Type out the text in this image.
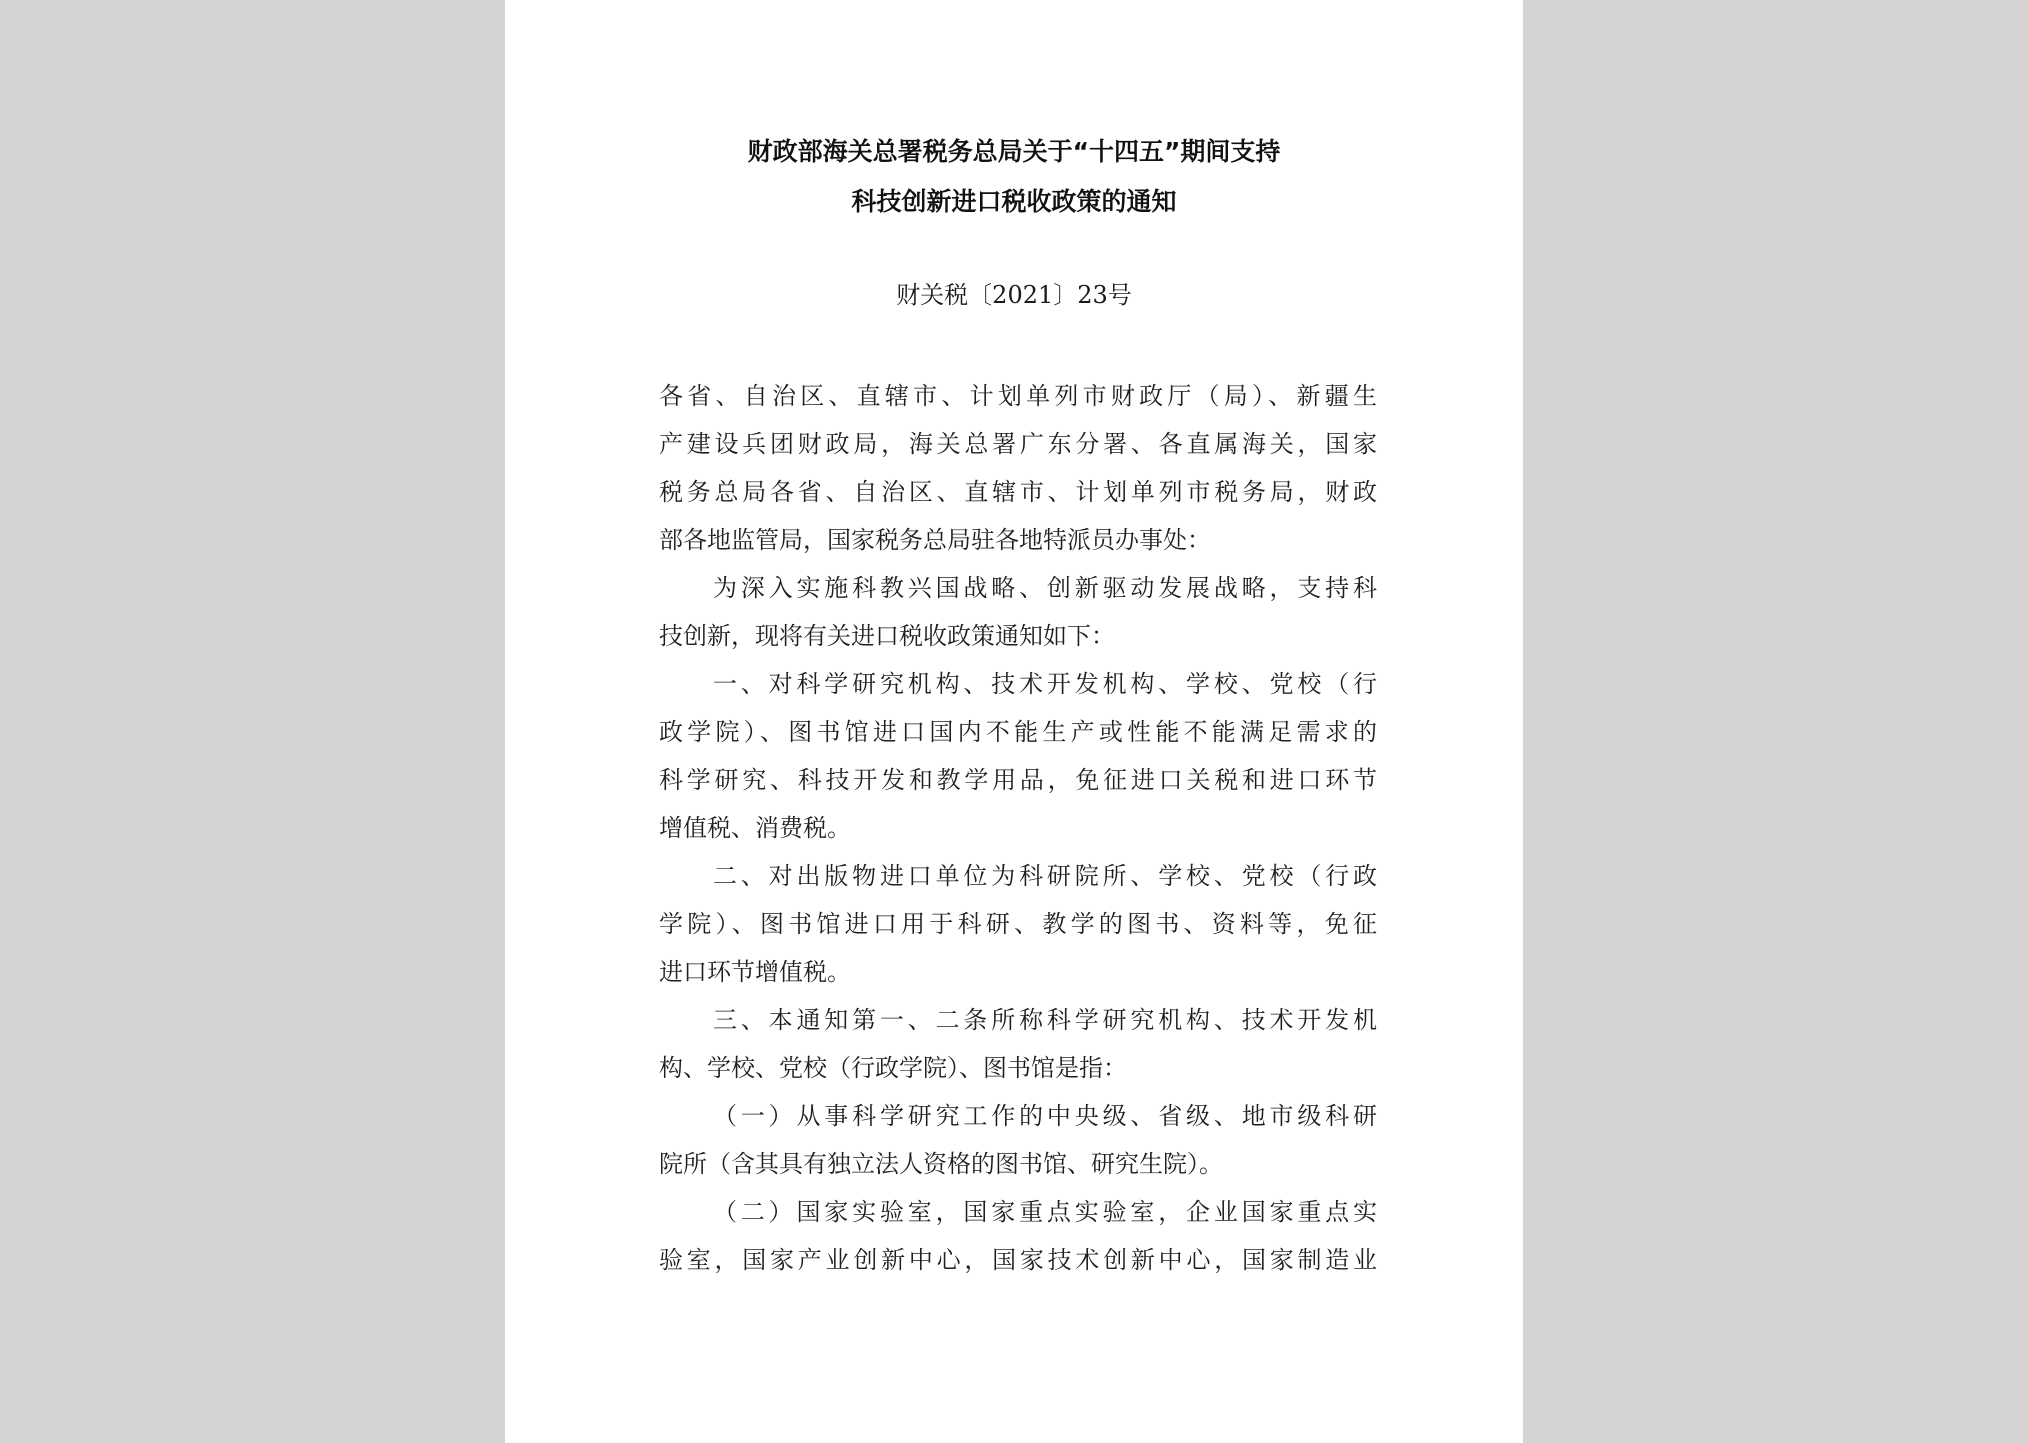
财政部海关总署税务总局关于“十四五”期间支持
科技创新进口税收政策的通知
财关税〔2021〕23号
各省、自治区、直辖市、计划单列市财政厅（局）、新疆生
产建设兵团财政局，海关总署广东分署、各直属海关，国家
税务总局各省、自治区、直辖市、计划单列市税务局，财政
部各地监管局，国家税务总局驻各地特派员办事处：
为深入实施科教兴国战略、创新驱动发展战略，支持科
技创新，现将有关进口税收政策通知如下：
一、对科学研究机构、技术开发机构、学校、党校（行
政学院）、图书馆进口国内不能生产或性能不能满足需求的
科学研究、科技开发和教学用品，免征进口关税和进口环节
增值税、消费税。
二、对出版物进口单位为科研院所、学校、党校（行政
学院）、图书馆进口用于科研、教学的图书、资料等，免征
进口环节增值税。
三、本通知第一、二条所称科学研究机构、技术开发机
构、学校、党校（行政学院）、图书馆是指：
（一）从事科学研究工作的中央级、省级、地市级科研
院所（含其具有独立法人资格的图书馆、研究生院）。
（二）国家实验室，国家重点实验室，企业国家重点实
验室，国家产业创新中心，国家技术创新中心，国家制造业
